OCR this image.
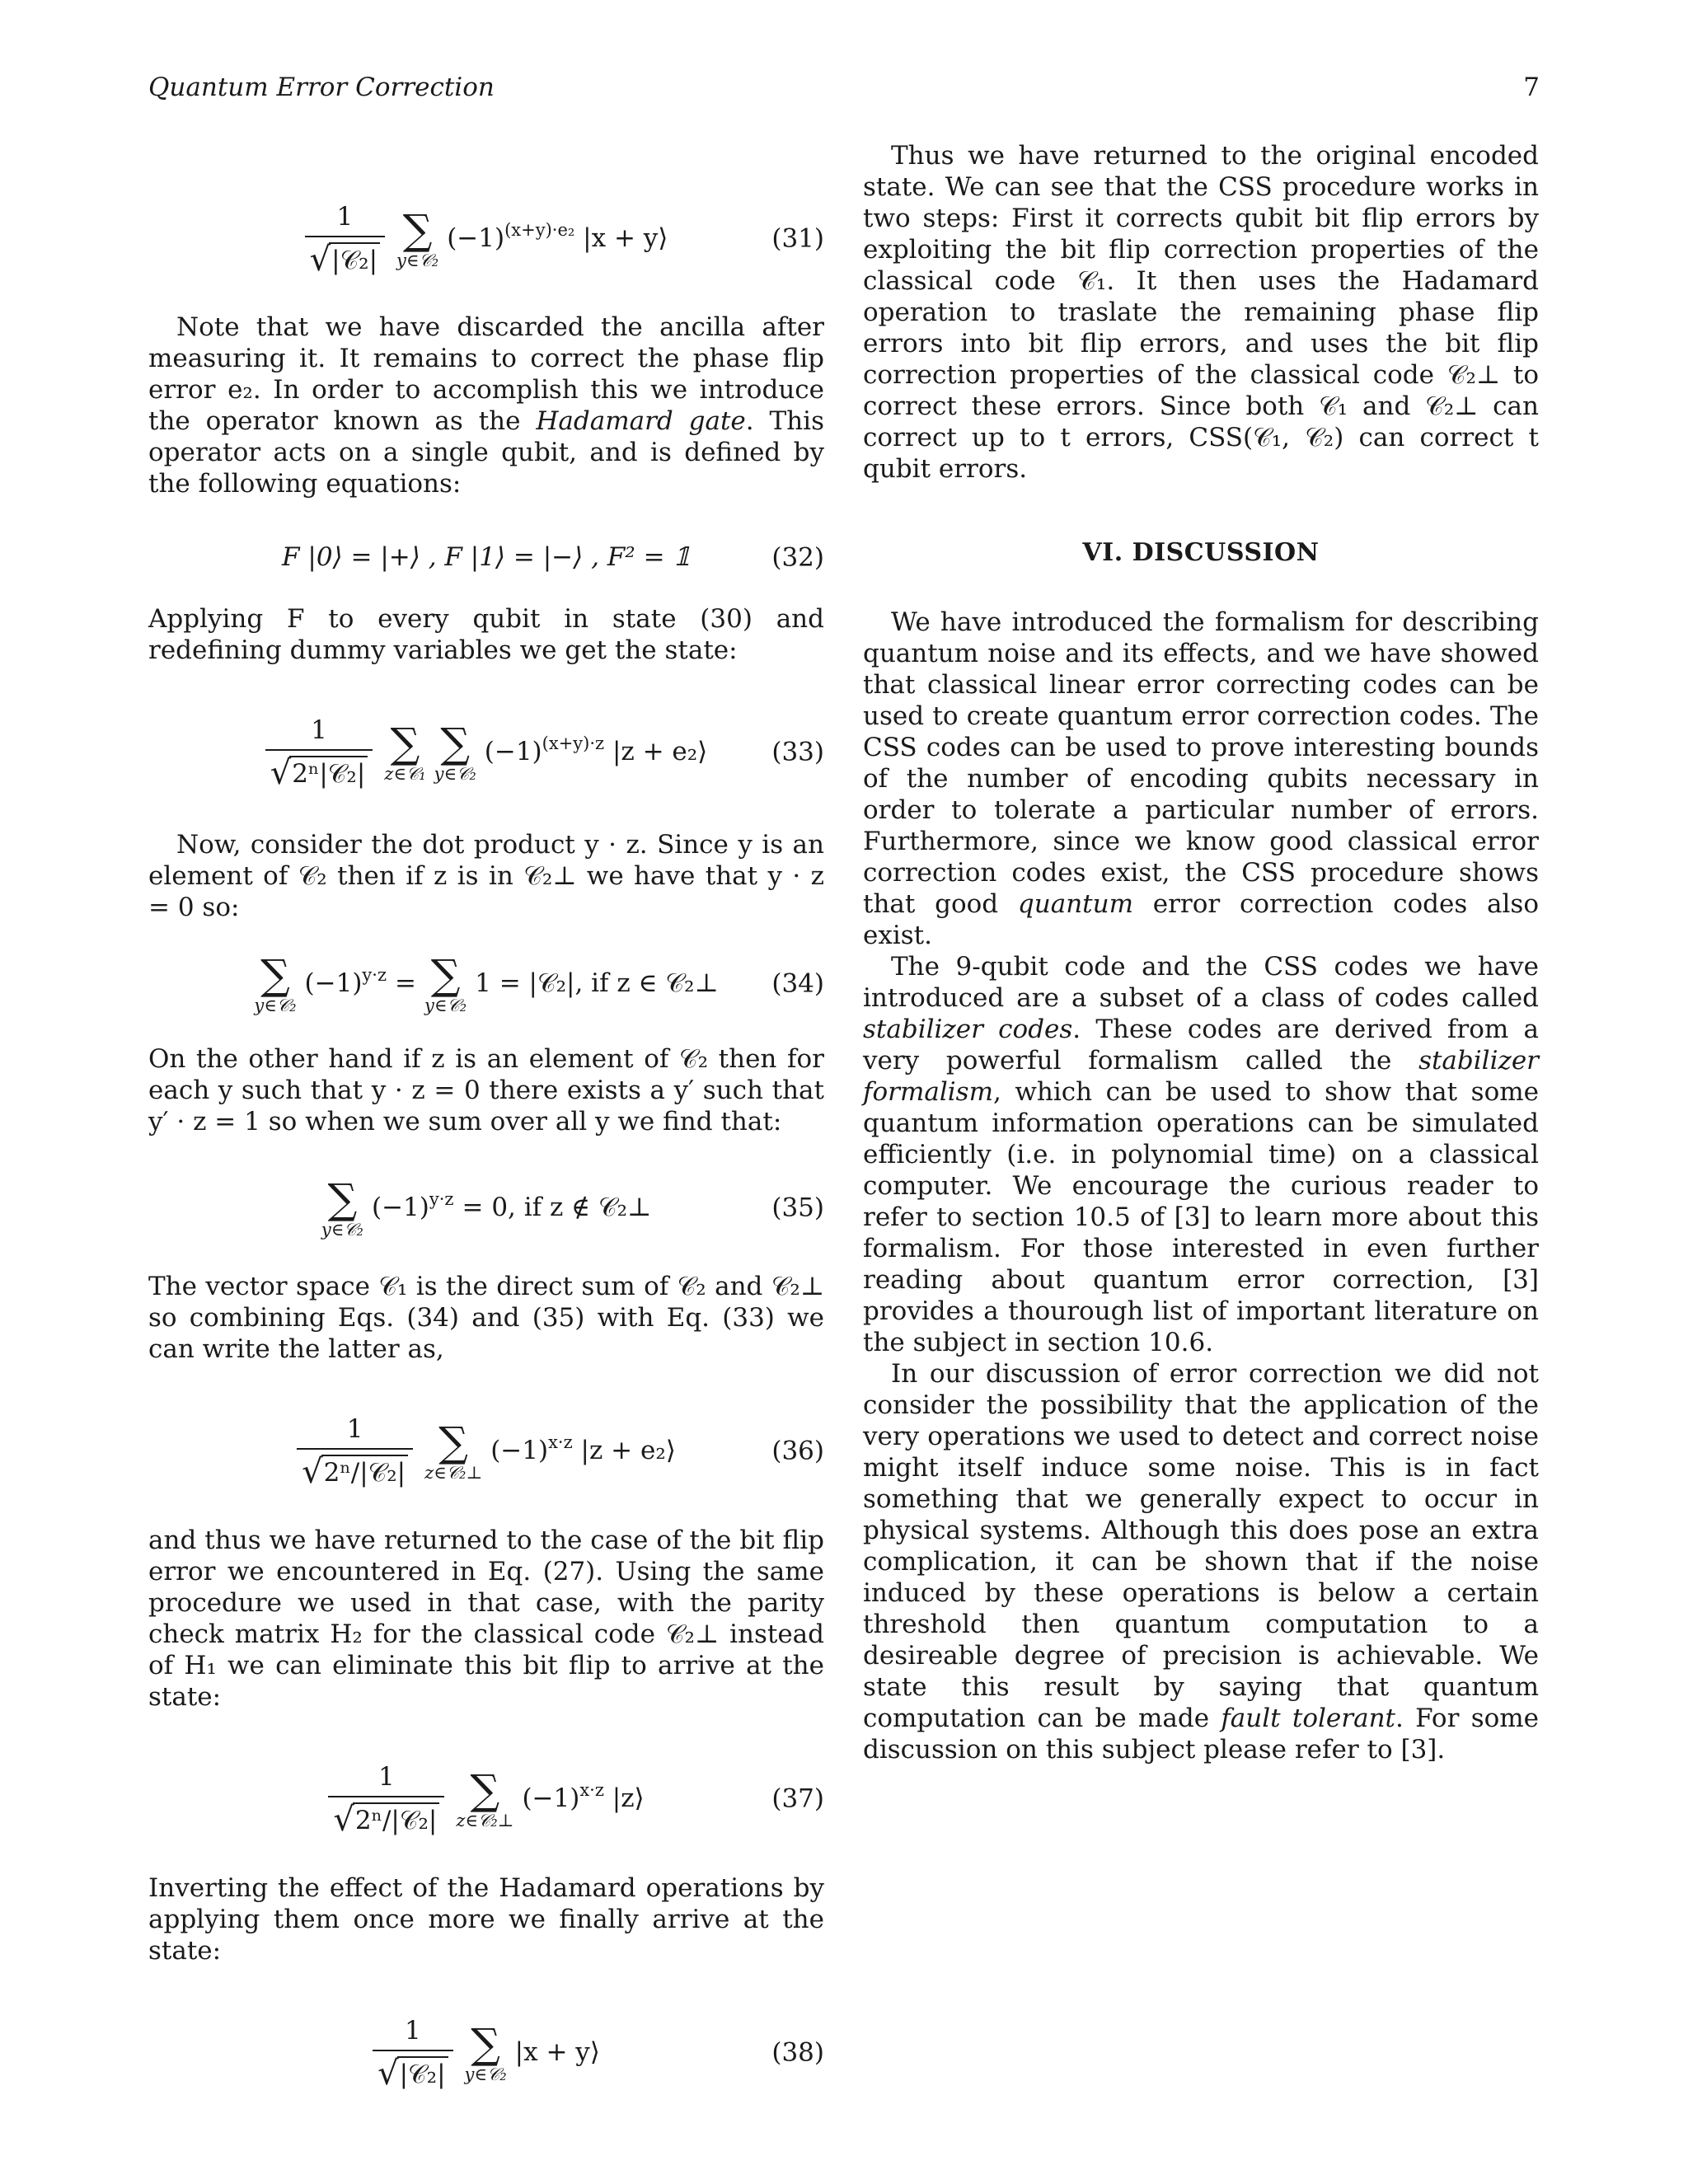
Quantum Error Correction	7
$\frac{1}{\text{√ |𝒞₂|}}$ ∑
y∈𝒞₂
$(-1)^{(x+y)\cdot e_2}$ |x + y⟩	(31)

Note that we have discarded the ancilla after measuring it. It remains to correct the phase flip error e₂. In order to accomplish this we introduce the operator known as the Hadamard gate. This operator acts on a single qubit, and is defined by the following equations:

F |0⟩ = |+⟩ , F |1⟩ = |−⟩ , F² = 𝟙	(32)

Applying F to every qubit in state (30) and redefining dummy variables we get the state:

$\frac{1}{\text{√ 2ⁿ|𝒞₂|}}$ ∑
z∈𝒞₁
∑
y∈𝒞₂
$(-1)^{(x+y)\cdot z}$ |z + e₂⟩	(33)

Now, consider the dot product y · z. Since y is an element of 𝒞₂ then if z is in 𝒞₂⊥ we have that y · z = 0 so:

∑
y∈𝒞₂
$(-1)^{y\cdot z}$ = ∑
y∈𝒞₂
1 = |𝒞₂|, if z ∈ 𝒞₂⊥ (34)

On the other hand if z is an element of 𝒞₂ then for each y such that y · z = 0 there exists a y′ such that y′ · z = 1 so when we sum over all y we find that:

∑
y∈𝒞₂
$(-1)^{y\cdot z} = 0$, if z ∉ 𝒞₂⊥	(35)

The vector space 𝒞₁ is the direct sum of 𝒞₂ and 𝒞₂⊥ so combining Eqs. (34) and (35) with Eq. (33) we can write the latter as,

$\frac{1}{\text{√ 2ⁿ/|𝒞₂|}}$ ∑
z∈𝒞₂⊥
$(-1)^{x\cdot z}$ |z + e₂⟩	(36)

and thus we have returned to the case of the bit flip error we encountered in Eq. (27). Using the same procedure we used in that case, with the parity check matrix H₂ for the classical code 𝒞₂⊥ instead of H₁ we can eliminate this bit flip to arrive at the state:

$\frac{1}{\text{√ 2ⁿ/|𝒞₂|}}$ ∑
z∈𝒞₂⊥
$(-1)^{x\cdot z}$ |z⟩	(37)

Inverting the effect of the Hadamard operations by applying them once more we finally arrive at the state:

$\frac{1}{\text{√ |𝒞₂|}}$ ∑
y∈𝒞₂
|x + y⟩	(38)

Thus we have returned to the original encoded state. We can see that the CSS procedure works in two steps: First it corrects qubit bit flip errors by exploiting the bit flip correction properties of the classical code 𝒞₁. It then uses the Hadamard operation to traslate the remaining phase flip errors into bit flip errors, and uses the bit flip correction properties of the classical code 𝒞₂⊥ to correct these errors. Since both 𝒞₁ and 𝒞₂⊥ can correct up to t errors, CSS(𝒞₁, 𝒞₂) can correct t qubit errors.

VI. DISCUSSION

We have introduced the formalism for describing quantum noise and its effects, and we have showed that classical linear error correcting codes can be used to create quantum error correction codes. The CSS codes can be used to prove interesting bounds of the number of encoding qubits necessary in order to tolerate a particular number of errors. Furthermore, since we know good classical error correction codes exist, the CSS procedure shows that good quantum error correction codes also exist.

The 9-qubit code and the CSS codes we have introduced are a subset of a class of codes called stabilizer codes. These codes are derived from a very powerful formalism called the stabilizer formalism, which can be used to show that some quantum information operations can be simulated efficiently (i.e. in polynomial time) on a classical computer. We encourage the curious reader to refer to section 10.5 of [3] to learn more about this formalism. For those interested in even further reading about quantum error correction, [3] provides a thourough list of important literature on the subject in section 10.6.

In our discussion of error correction we did not consider the possibility that the application of the very operations we used to detect and correct noise might itself induce some noise. This is in fact something that we generally expect to occur in physical systems. Although this does pose an extra complication, it can be shown that if the noise induced by these operations is below a certain threshold then quantum computation to a desireable degree of precision is achievable. We state this result by saying that quantum computation can be made fault tolerant. For some discussion on this subject please refer to [3].
